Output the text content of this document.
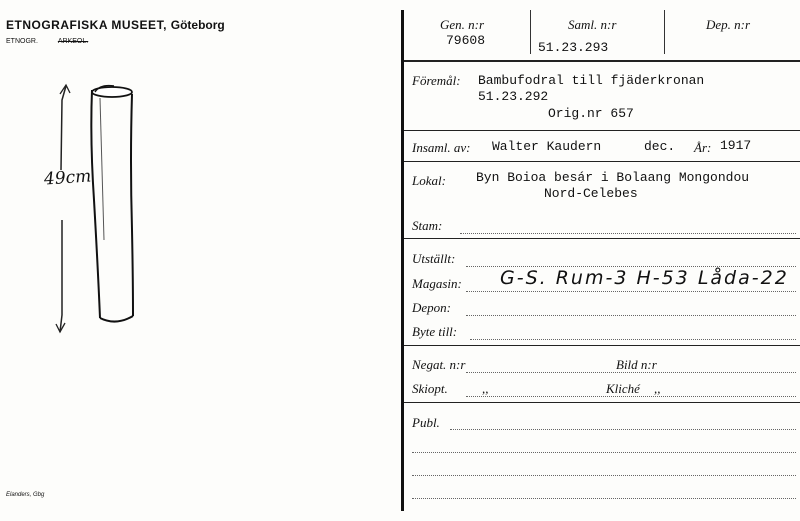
ETNOGRAFISKA MUSEET, Göteborg
ETNOGR.	ARKEOL.
49cm
Elanders, Gbg
Gen. n:r	Saml. n:r	Dep. n:r
79608	51.23.293
Föremål: Bambufodral till fjäderkronan
51.23.292
Orig.nr 657
Insaml. av: Walter Kaudern	dec. År: 1917
Lokal: Byn Boioa besár i Bolaang Mongondou
Nord-Celebes
Stam:
Utställt:
Magasin: G-S. Rum-3 H-53 Låda-22
Depon:
Byte till:
Negat. n:r	Bild n:r
Skiopt.	,,	Kliché ,,
Publ.
